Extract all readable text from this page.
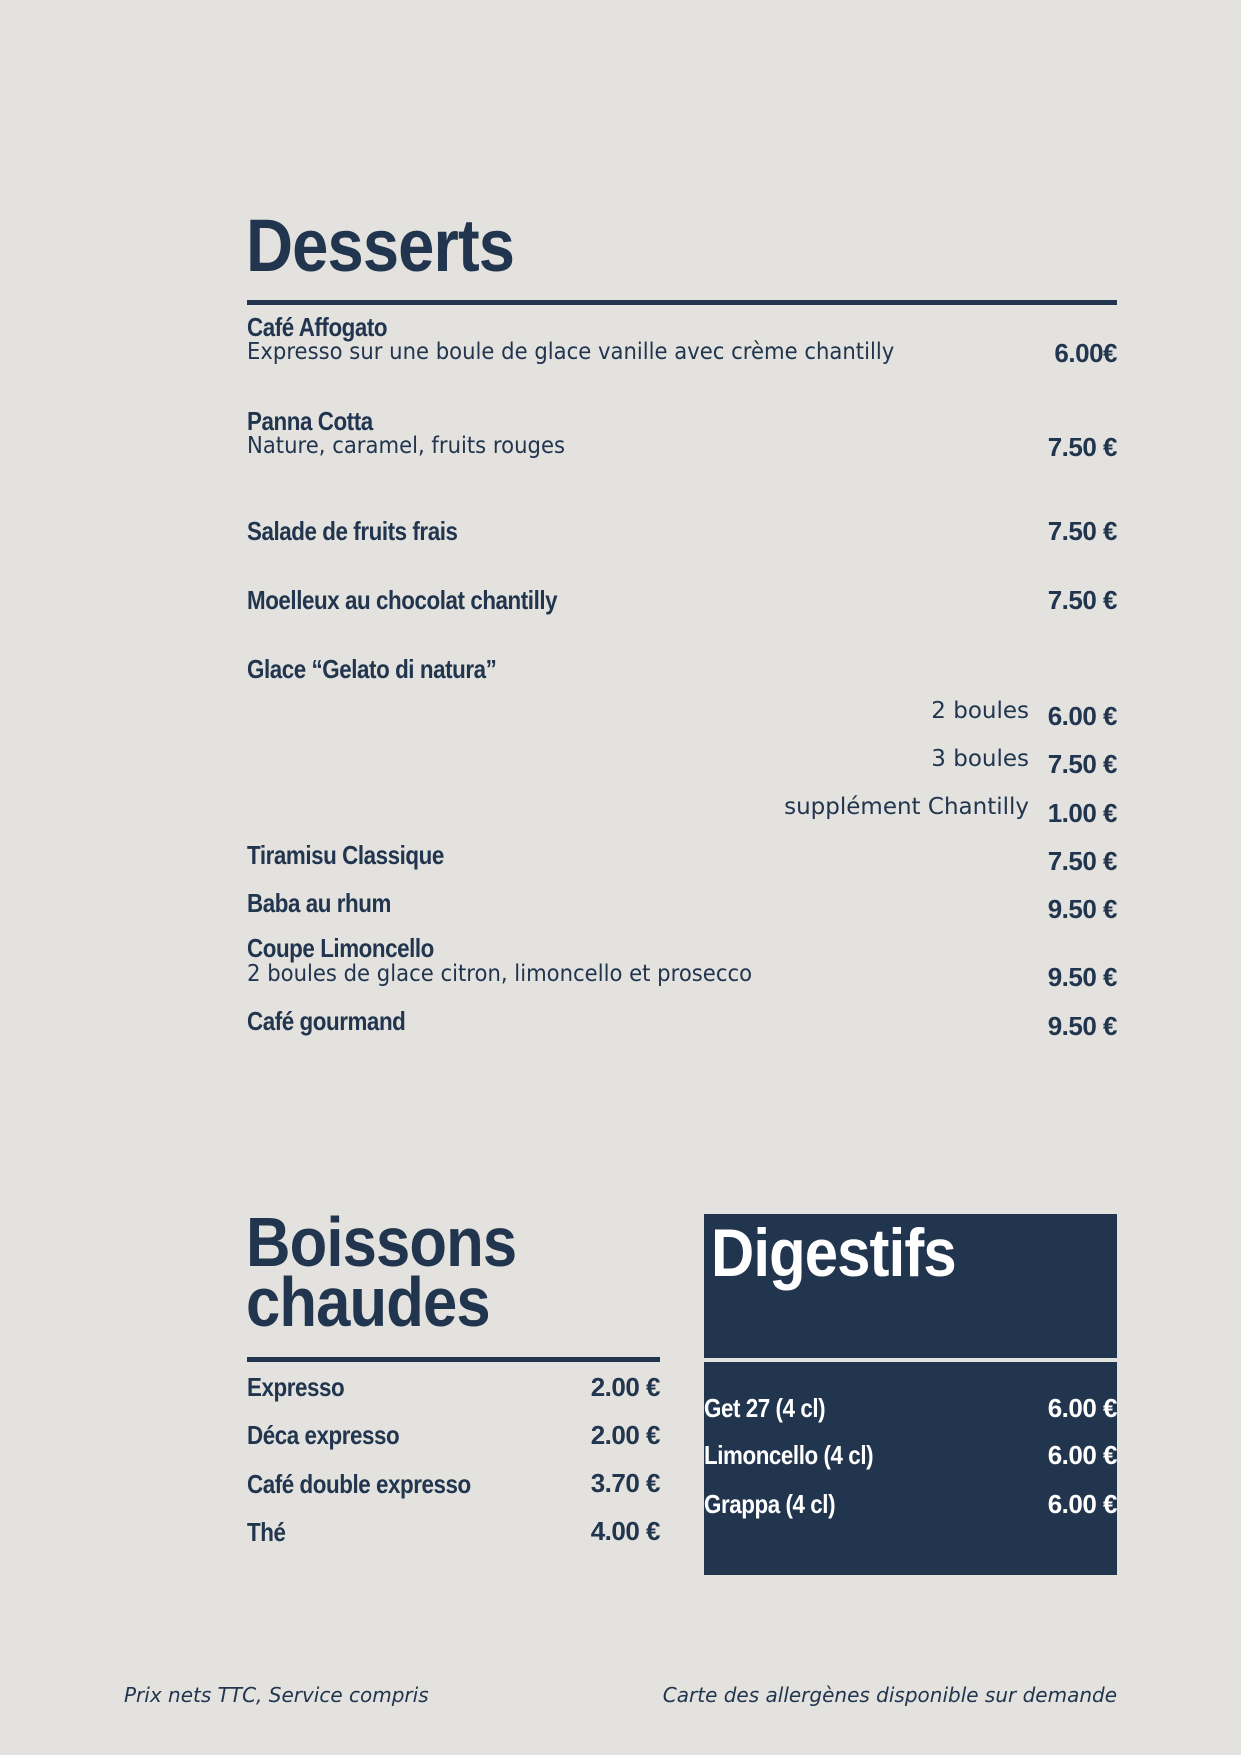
Desserts
Café Affogato
Expresso sur une boule de glace vanille avec crème chantilly	6.00€
Panna Cotta
Nature, caramel, fruits rouges	7.50 €
Salade de fruits frais	7.50 €
Moelleux au chocolat chantilly	7.50 €
Glace “Gelato di natura”
2 boules 6.00 €
3 boules 7.50 €
supplément Chantilly 1.00 €
Tiramisu Classique	7.50 €
Baba au rhum	9.50 €
Coupe Limoncello
2 boules de glace citron, limoncello et prosecco	9.50 €
Café gourmand	9.50 €
Boissons
chaudes
Expresso	2.00 €
Déca expresso	2.00 €
Café double expresso	3.70 €
Thé	4.00 €
Digestifs
Get 27 (4 cl)	6.00 €
Limoncello (4 cl)	6.00 €
Grappa (4 cl)	6.00 €
Prix nets TTC, Service compris	Carte des allergènes disponible sur demande
